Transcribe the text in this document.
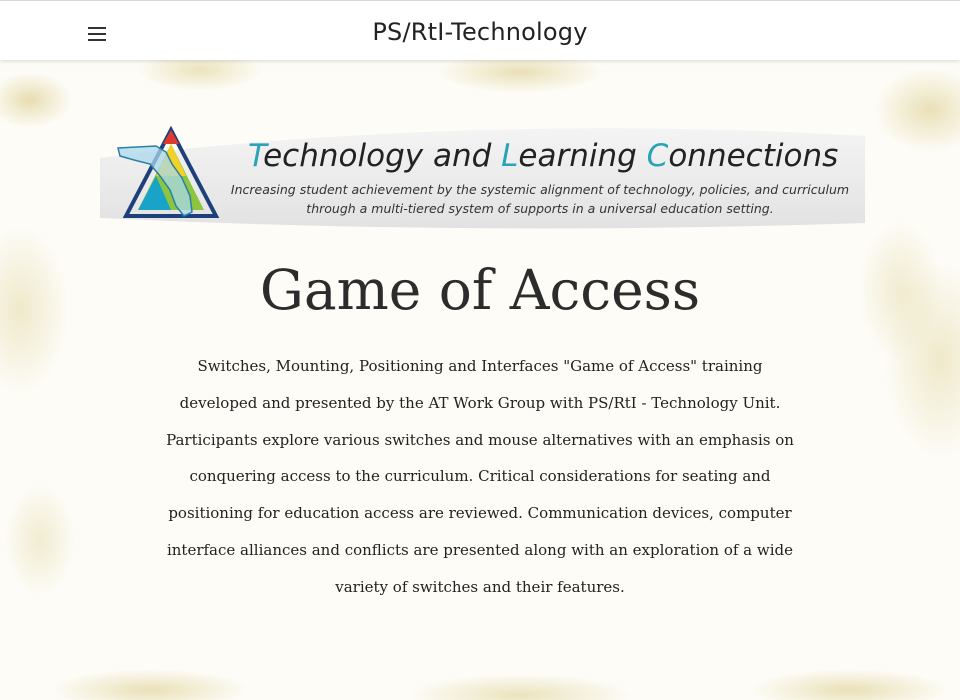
PS/RtI-Technology
Technology and Learning Connections
Increasing student achievement by the systemic alignment of technology, policies, and curriculum
through a multi-tiered system of supports in a universal education setting.
Game of Access
Switches, Mounting, Positioning and Interfaces "Game of Access" training developed and presented by the AT Work Group with PS/RtI - Technology Unit. Participants explore various switches and mouse alternatives with an emphasis on conquering access to the curriculum. Critical considerations for seating and positioning for education access are reviewed. Communication devices, computer interface alliances and conflicts are presented along with an exploration of a wide variety of switches and their features.
